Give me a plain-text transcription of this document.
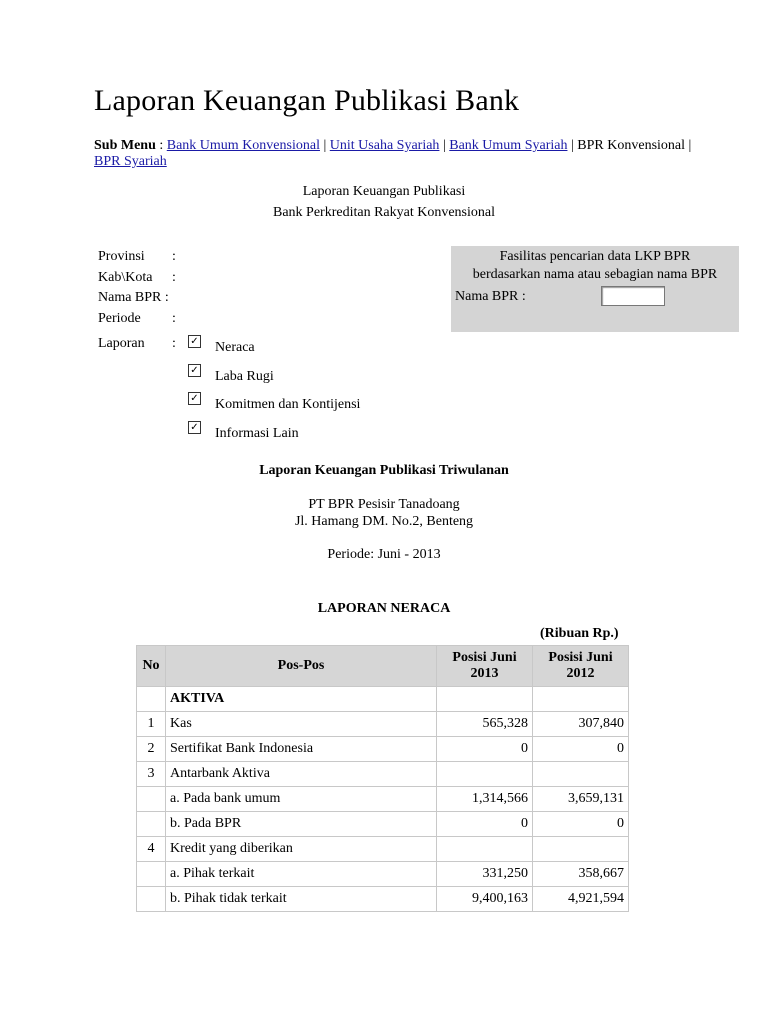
Laporan Keuangan Publikasi Bank
Sub Menu : Bank Umum Konvensional | Unit Usaha Syariah | Bank Umum Syariah | BPR Konvensional | BPR Syariah
Laporan Keuangan Publikasi
Bank Perkreditan Rakyat Konvensional
Provinsi :
Kab\Kota :
Nama BPR :
Periode :
Laporan :
Fasilitas pencarian data LKP BPR
berdasarkan nama atau sebagian nama BPR
Nama BPR :
✓ Neraca
✓ Laba Rugi
✓ Komitmen dan Kontijensi
✓ Informasi Lain
Laporan Keuangan Publikasi Triwulanan
PT BPR Pesisir Tanadoang
Jl. Hamang DM. No.2, Benteng
Periode: Juni - 2013
LAPORAN NERACA
(Ribuan Rp.)
No	Pos-Pos	Posisi Juni 2013	Posisi Juni 2012
	AKTIVA		
1	Kas	565,328	307,840
2	Sertifikat Bank Indonesia	0	0
3	Antarbank Aktiva		
	a. Pada bank umum	1,314,566	3,659,131
	b. Pada BPR	0	0
4	Kredit yang diberikan		
	a. Pihak terkait	331,250	358,667
	b. Pihak tidak terkait	9,400,163	4,921,594
